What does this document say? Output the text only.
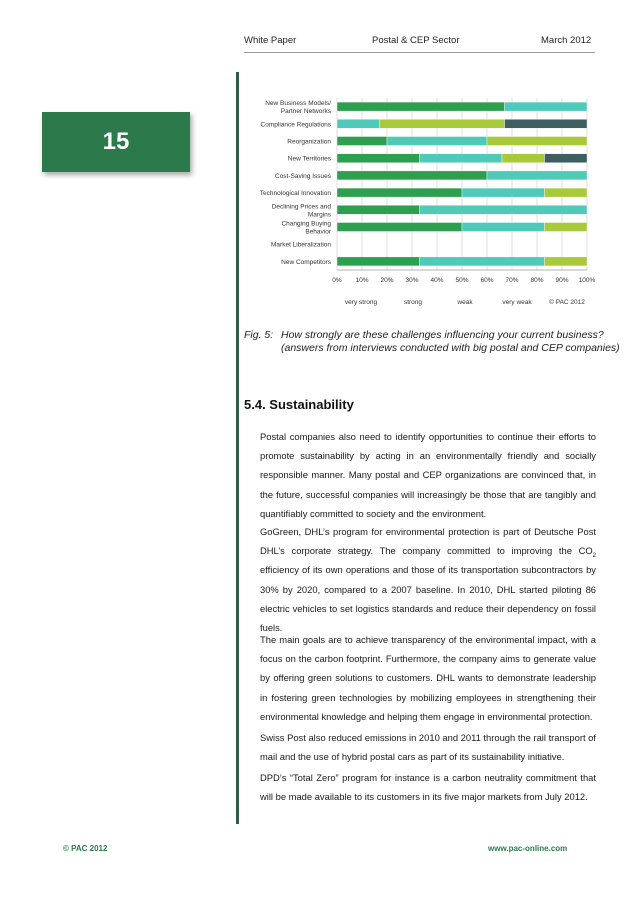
White Paper	Postal & CEP Sector	March 2012
15
0% 10% 20% 30% 40% 50% 60% 70% 80% 90% 100%
New Business Models/
Partner Networks
Compliance Regulations
Reorganization
New Territories
Cost-Saving Issues
Technological Innovation
Declining Prices and
Margins
Changing Buying
Behavior
Market Liberalization
New Competitors
very strong	strong	weak	very weak	© PAC 2012
Fig. 5: How strongly are these challenges influencing your current business?
(answers from interviews conducted with big postal and CEP companies)
5.4. Sustainability

Postal companies also need to identify opportunities to continue their efforts to promote sustainability by acting in an environmentally friendly and socially responsible manner. Many postal and CEP organizations are convinced that, in the future, successful companies will increasingly be those that are tangibly and quantifiably committed to society and the environment.

GoGreen, DHL’s program for environmental protection is part of Deutsche Post DHL’s corporate strategy. The company committed to improving the $CO_2$ efficiency of its own operations and those of its transportation subcontractors by 30% by 2020, compared to a 2007 baseline. In 2010, DHL started piloting 86 electric vehicles to set logistics standards and reduce their dependency on fossil fuels.

The main goals are to achieve transparency of the environmental impact, with a focus on the carbon footprint. Furthermore, the company aims to generate value by offering green solutions to customers. DHL wants to demonstrate leadership in fostering green technologies by mobilizing employees in strengthening their environmental knowledge and helping them engage in environmental protection.

Swiss Post also reduced emissions in 2010 and 2011 through the rail transport of mail and the use of hybrid postal cars as part of its sustainability initiative.

DPD’s “Total Zero” program for instance is a carbon neutrality commitment that will be made available to its customers in its five major markets from July 2012.

© PAC 2012	www.pac-online.com
